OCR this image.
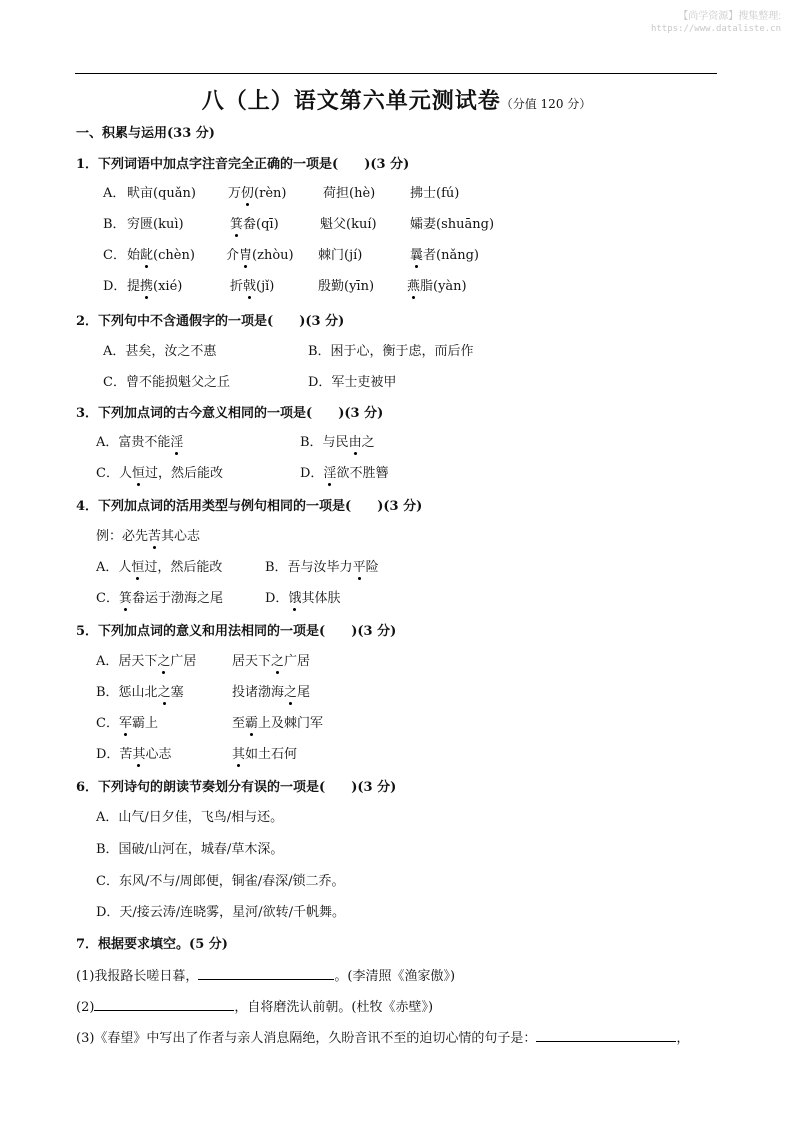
【尚学资源】搜集整理:
https://www.dataliste.cn
八（上）语文第六单元测试卷（分值 120 分）
一、积累与运用(33 分)
1．下列词语中加点字注音完全正确的一项是(　　)(3 分)
A． 畎亩(quǎn) 万仞(rèn)	荷担(hè)	拂士(fú)
B． 穷匮(kuì)	箕畚(qī)	魁父(kuí)	孀妻(shuāng)
C． 始龀(chèn) 介胄(zhòu) 棘门(jí)	曩者(nǎng)
D． 提携(xié)	折戟(jǐ)	殷勤(yīn)	燕脂(yàn)
2．下列句中不含通假字的一项是(　　)(3 分)
A．甚矣，汝之不惠	B．困于心，衡于虑，而后作
C．曾不能损魁父之丘	D．军士吏被甲
3．下列加点词的古今意义相同的一项是(　　)(3 分)
A．富贵不能淫	B．与民由之
C．人恒过，然后能改	D．淫欲不胜簪
4．下列加点词的活用类型与例句相同的一项是(　　)(3 分)
例：必先苦其心志
A．人恒过，然后能改	B．吾与汝毕力平险
C．箕畚运于渤海之尾	D．饿其体肤
5．下列加点词的意义和用法相同的一项是(　　)(3 分)
A．居天下之广居	居天下之广居
B．惩山北之塞	投诸渤海之尾
C．军霸上	至霸上及棘门军
D．苦其心志	其如土石何
6．下列诗句的朗读节奏划分有误的一项是(　　)(3 分)
A．山气/日夕佳，飞鸟/相与还。
B．国破/山河在，城春/草木深。
C．东风/不与/周郎便，铜雀/春深/锁二乔。
D．天/接云涛/连晓雾，星河/欲转/千帆舞。
7．根据要求填空。(5 分)
(1)我报路长嗟日暮，	。(李清照《渔家傲》)
(2)	，自将磨洗认前朝。(杜牧《赤壁》)
(3)《春望》中写出了作者与亲人消息隔绝，久盼音讯不至的迫切心情的句子是：	，
